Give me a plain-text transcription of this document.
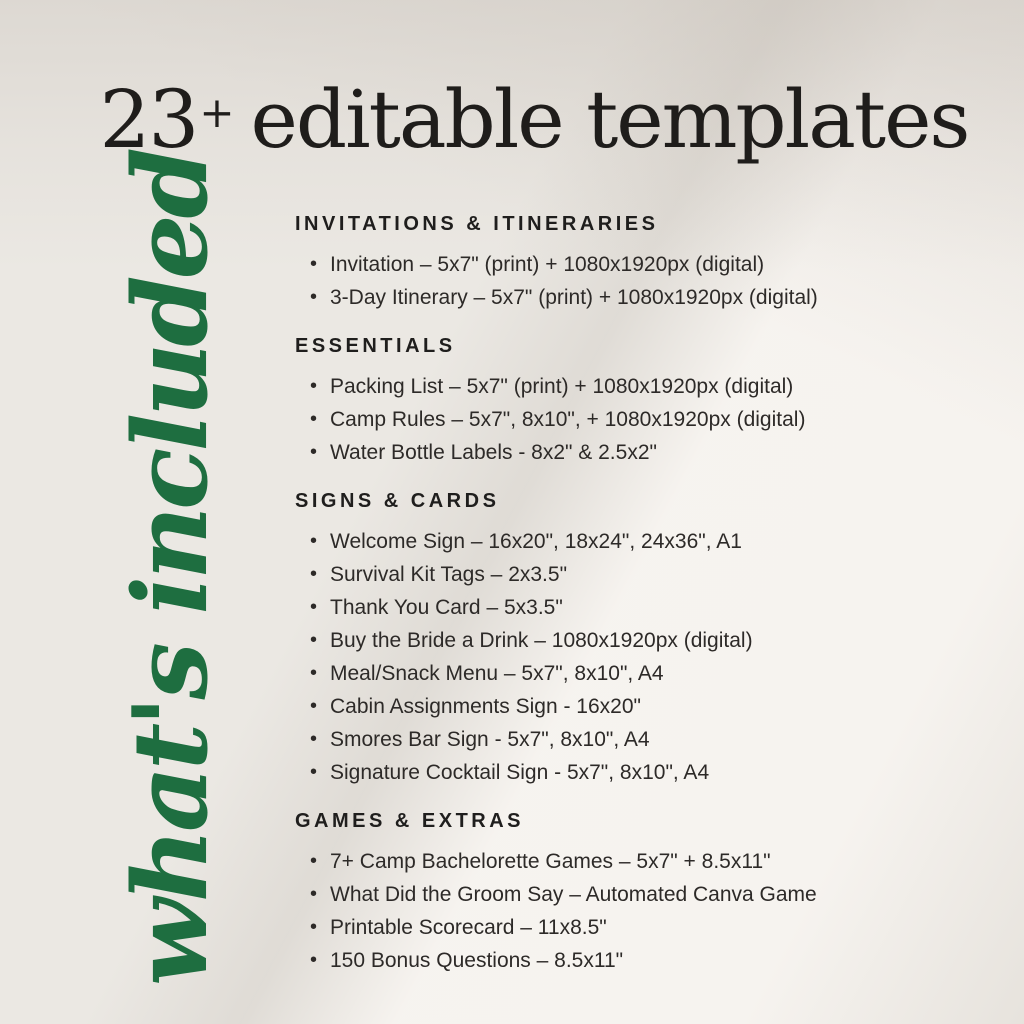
23+ editable templates
what's included	INVITATIONS & ITINERARIES
• Invitation – 5x7" (print) + 1080x1920px (digital)
• 3-Day Itinerary – 5x7" (print) + 1080x1920px (digital)
ESSENTIALS
• Packing List – 5x7" (print) + 1080x1920px (digital)
• Camp Rules – 5x7", 8x10", + 1080x1920px (digital)
• Water Bottle Labels - 8x2" & 2.5x2"
SIGNS & CARDS
• Welcome Sign – 16x20", 18x24", 24x36", A1
• Survival Kit Tags – 2x3.5"
• Thank You Card – 5x3.5"
• Buy the Bride a Drink – 1080x1920px (digital)
• Meal/Snack Menu – 5x7", 8x10", A4
• Cabin Assignments Sign - 16x20"
• Smores Bar Sign - 5x7", 8x10", A4
• Signature Cocktail Sign - 5x7", 8x10", A4
GAMES & EXTRAS
• 7+ Camp Bachelorette Games – 5x7" + 8.5x11"
• What Did the Groom Say – Automated Canva Game
• Printable Scorecard – 11x8.5"
• 150 Bonus Questions – 8.5x11"
